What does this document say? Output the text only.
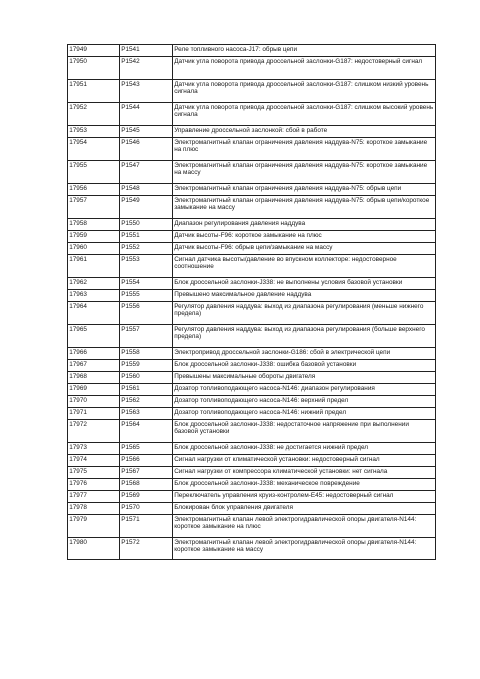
17949	P1541	Реле топливного насоса-J17: обрыв цепи
17950	P1542	Датчик угла поворота привода дроссельной заслонки-G187: недостоверный сигнал
17951	P1543	Датчик угла поворота привода дроссельной заслонки-G187: слишком низкий уровень сигнала
17952	P1544	Датчик угла поворота привода дроссельной заслонки-G187: слишком высокий уровень сигнала
17953	P1545	Управление дроссельной заслонкой: сбой в работе
17954	P1546	Электромагнитный клапан ограничения давления наддува-N75: короткое замыкание на плюс
17955	P1547	Электромагнитный клапан ограничения давления наддува-N75: короткое замыкание на массу
17956	P1548	Электромагнитный клапан ограничения давления наддува-N75: обрыв цепи
17957	P1549	Электромагнитный клапан ограничения давления наддува-N75: обрыв цепи/короткое замыкание на массу
17958	P1550	Диапазон регулирования давления наддува
17959	P1551	Датчик высоты-F96: короткое замыкание на плюс
17960	P1552	Датчик высоты-F96: обрыв цепи/замыкание на массу
17961	P1553	Сигнал датчика высоты/давление во впускном коллекторе: недостоверное соотношение
17962	P1554	Блок дроссельной заслонки-J338: не выполнены условия базовой установки
17963	P1555	Превышено максимальное давление наддува
17964	P1556	Регулятор давления наддува: выход из диапазона регулирования (меньше нижнего предела)
17965	P1557	Регулятор давления наддува: выход из диапазона регулирования (больше верхнего предела)
17966	P1558	Электропривод дроссельной заслонки-G186: сбой в электрической цепи
17967	P1559	Блок дроссельной заслонки-J338: ошибка базовой установки
17968	P1560	Превышены максимальные обороты двигателя
17969	P1561	Дозатор топливоподающего насоса-N146: диапазон регулирования
17970	P1562	Дозатор топливоподающего насоса-N146: верхний предел
17971	P1563	Дозатор топливоподающего насоса-N146: нижний предел
17972	P1564	Блок дроссельной заслонки-J338: недостаточное напряжение при выполнении базовой установки
17973	P1565	Блок дроссельной заслонки-J338: не достигается нижний предел
17974	P1566	Сигнал нагрузки от климатической установки: недостоверный сигнал
17975	P1567	Сигнал нагрузки от компрессора климатической установки: нет сигнала
17976	P1568	Блок дроссельной заслонки-J338: механическое повреждение
17977	P1569	Переключатель управления круиз-контролем-E45: недостоверный сигнал
17978	P1570	Блокирован блок управления двигателя
17979	P1571	Электромагнитный клапан левой электрогидравлической опоры двигателя-N144: короткое замыкание на плюс
17980	P1572	Электромагнитный клапан левой электрогидравлической опоры двигателя-N144: короткое замыкание на массу
